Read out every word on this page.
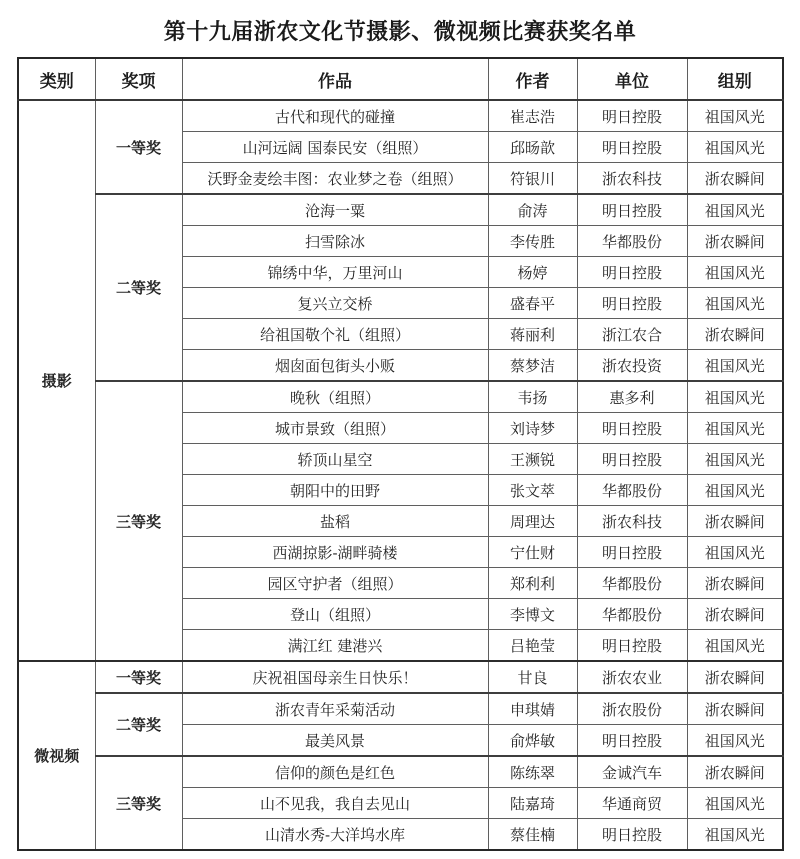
第十九届浙农文化节摄影、微视频比赛获奖名单
类别	奖项	作品	作者	单位	组别
摄影	一等奖	古代和现代的碰撞	崔志浩	明日控股	祖国风光
		山河远阔 国泰民安（组照）	邱旸歆	明日控股	祖国风光
		沃野金麦绘丰图：农业梦之卷（组照）	符银川	浙农科技	浙农瞬间
	二等奖	沧海一粟	俞涛	明日控股	祖国风光
		扫雪除冰	李传胜	华都股份	浙农瞬间
		锦绣中华，万里河山	杨婷	明日控股	祖国风光
		复兴立交桥	盛春平	明日控股	祖国风光
		给祖国敬个礼（组照）	蒋丽利	浙江农合	浙农瞬间
		烟囱面包街头小贩	蔡梦洁	浙农投资	祖国风光
	三等奖	晚秋（组照）	韦扬	惠多利	祖国风光
		城市景致（组照）	刘诗梦	明日控股	祖国风光
		轿顶山星空	王濒锐	明日控股	祖国风光
		朝阳中的田野	张文萃	华都股份	祖国风光
		盐稻	周理达	浙农科技	浙农瞬间
		西湖掠影-湖畔骑楼	宁仕财	明日控股	祖国风光
		园区守护者（组照）	郑利利	华都股份	浙农瞬间
		登山（组照）	李博文	华都股份	浙农瞬间
		满江红 建港兴	吕艳莹	明日控股	祖国风光
微视频	一等奖	庆祝祖国母亲生日快乐！	甘良	浙农农业	浙农瞬间
	二等奖	浙农青年采菊活动	申琪婧	浙农股份	浙农瞬间
		最美风景	俞烨敏	明日控股	祖国风光
	三等奖	信仰的颜色是红色	陈练翠	金诚汽车	浙农瞬间
		山不见我，我自去见山	陆嘉琦	华通商贸	祖国风光
		山清水秀-大洋坞水库	蔡佳楠	明日控股	祖国风光
